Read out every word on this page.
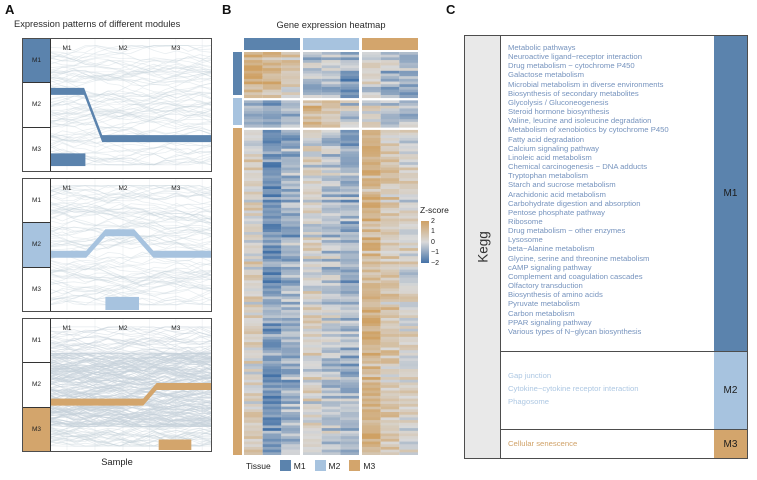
A
Expression patterns of different modules
M1
M2
M3
M1	M2	M3
M1
M2
M3
M1	M2	M3
M1
M2
M3
M1	M2	M3
Sample
B
Gene expression heatmap
Tissue	M1	M2	M3
Z-score
C
Kegg
Metabolic pathways
Neuroactive ligand−receptor interaction
Drug metabolism − cytochrome P450
Galactose metabolism
Microbial metabolism in diverse environments
Biosynthesis of secondary metabolites
Glycolysis / Gluconeogenesis
Steroid hormone biosynthesis
Valine, leucine and isoleucine degradation
Metabolism of xenobiotics by cytochrome P450
Fatty acid degradation
Calcium signaling pathway
Linoleic acid metabolism
Chemical carcinogenesis − DNA adducts
Tryptophan metabolism
Starch and sucrose metabolism
Arachidonic acid metabolism
Carbohydrate digestion and absorption
Pentose phosphate pathway
Ribosome
Drug metabolism − other enzymes
Lysosome
beta−Alanine metabolism
Glycine, serine and threonine metabolism
cAMP signaling pathway
Complement and coagulation cascades
Olfactory transduction
Biosynthesis of amino acids
Pyruvate metabolism
Carbon metabolism
PPAR signaling pathway
Various types of N−glycan biosynthesis
M1
Gap junction
Cytokine−cytokine receptor interaction
Phagosome
M2
Cellular senescence	M3
2
1
0
−1
−2
